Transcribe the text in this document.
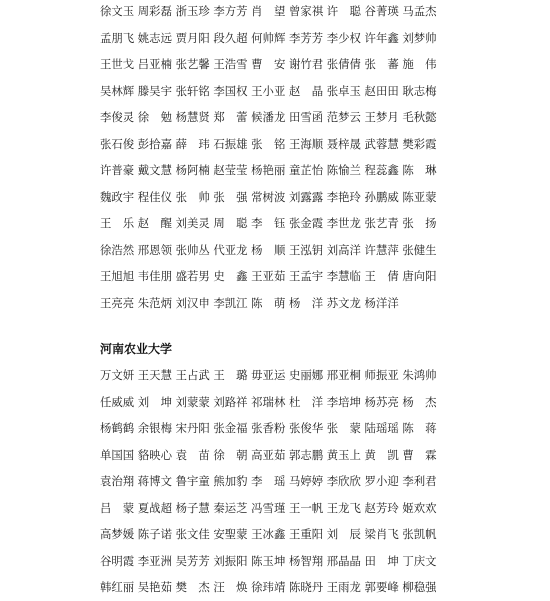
徐文玉 周彩磊 浙玉珍 李方芳 肖　望 曾家祺 许　聪 谷菁瑛 马孟杰
孟朋飞 姚志远 贾月阳 段久超 何帅辉 李芳芳 李少权 许年鑫 刘梦帅
王世戈 吕亚楠 张艺馨 王浩雪 曹　安 谢竹君 张倩倩 张　蕃 施　伟
吴林辉 滕吴宇 张轩铭 李国权 王小亚 赵　晶 张卓玉 赵田田 耿志梅
李俊灵 徐　勉 杨慧贤 郑　蕾 候潘龙 田雪函 范梦云 王梦月 毛秋懿
张石俊 彭拾嘉 薛　玮 石振雄 张　铭 王海顺 聂梓晟 武蓉慧 樊彩霞
许普豪 戴文慧 杨阿楠 赵莹莹 杨艳丽 童芷怡 陈愉兰 程蕊鑫 陈　琳
魏政宇 程佳仪 张　帅 张　强 常树波 刘露露 李艳玲 孙鹏威 陈亚蒙
王　乐 赵　醒 刘美灵 周　聪 李　钰 张金霞 李世龙 张艺青 张　扬
徐浩然 邢恩领 张帅丛 代亚龙 杨　顺 王泓钥 刘高洋 许慧萍 张健生
王旭旭 韦佳朋 盛若男 史　鑫 王亚茹 王孟宇 李慧临 王　倩 唐向阳
王亮亮 朱范炳 刘汉申 李凯江 陈　萌 杨　洋 苏文龙 杨洋洋
河南农业大学
万文妍 王天慧 王占武 王　璐 毋亚运 史丽娜 邢亚桐 师振亚 朱鸿帅
任威威 刘　坤 刘蒙蒙 刘路祥 祁瑞林 杜　洋 李培坤 杨苏亮 杨　杰
杨鹤鹤 余银梅 宋丹阳 张金福 张香粉 张俊华 张　蒙 陆瑶瑶 陈　蒋
单国国 貉映心 袁　苗 徐　朝 高亚茹 郭志鹏 黄玉上 黄　凯 曹　霖
袁治翔 蒋博文 鲁宇童 熊加豹 李　瑶 马婷婷 李欣欣 罗小迎 李利君
吕　蒙 夏战超 杨子慧 秦运芝 冯雪瑾 王一帆 王龙飞 赵芳玲 姬欢欢
高梦媛 陈子诺 张文佳 安聖蒙 王冰鑫 王重阳 刘　辰 梁肖飞 张凯帆
谷明霞 李亚洲 吴芳芳 刘振阳 陈玉坤 杨智翔 邢晶晶 田　坤 丁庆文
韩红丽 吴艳茹 樊　杰 汪　焕 徐玮靖 陈晓丹 王雨龙 郭要峰 柳稳强
